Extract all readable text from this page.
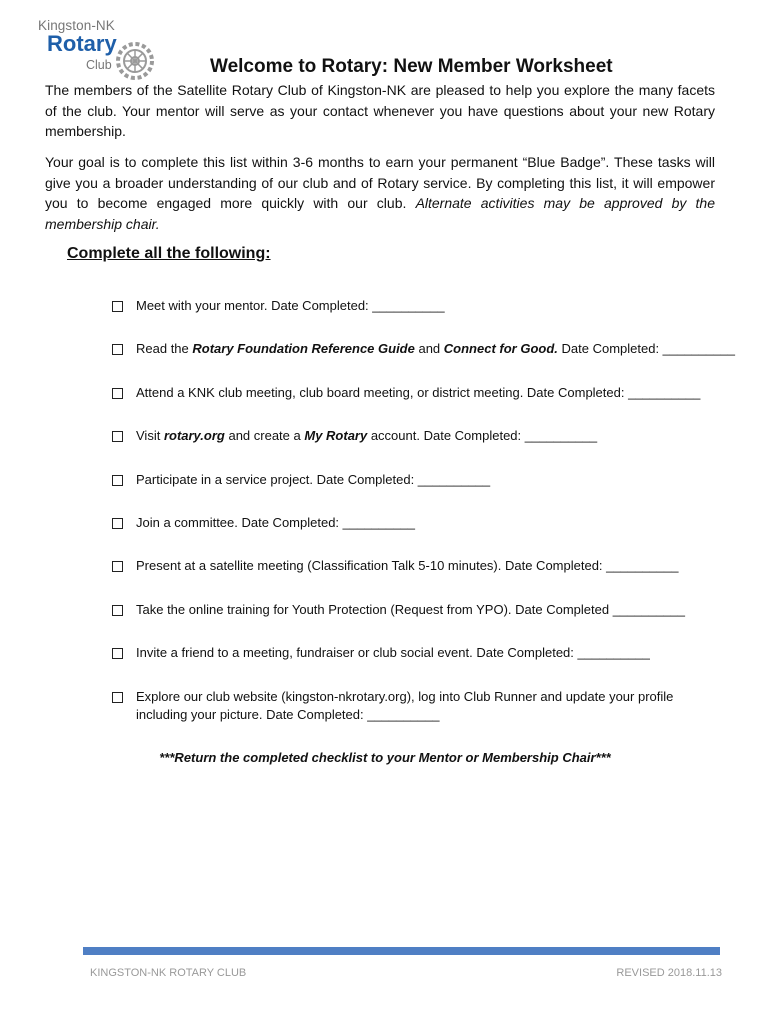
Kingston-NK
Rotary
Club	Welcome to Rotary: New Member Worksheet

The members of the Satellite Rotary Club of Kingston-NK are pleased to help you explore the many facets of the club. Your mentor will serve as your contact whenever you have questions about your new Rotary membership.

Your goal is to complete this list within 3-6 months to earn your permanent “Blue Badge”. These tasks will give you a broader understanding of our club and of Rotary service. By completing this list, it will empower you to become engaged more quickly with our club. Alternate activities may be approved by the membership chair.

Complete all the following:
Meet with your mentor. Date Completed: __________
Read the Rotary Foundation Reference Guide and Connect for Good. Date Completed: __________
Attend a KNK club meeting, club board meeting, or district meeting. Date Completed: __________
Visit rotary.org and create a My Rotary account. Date Completed: __________
Participate in a service project. Date Completed: __________
Join a committee. Date Completed: __________
Present at a satellite meeting (Classification Talk 5-10 minutes). Date Completed: __________
Take the online training for Youth Protection (Request from YPO). Date Completed __________
Invite a friend to a meeting, fundraiser or club social event. Date Completed: __________
Explore our club website (kingston-nkrotary.org), log into Club Runner and update your profile
including your picture. Date Completed: __________
***Return the completed checklist to your Mentor or Membership Chair***
KINGSTON-NK ROTARY CLUB	REVISED 2018.11.13
